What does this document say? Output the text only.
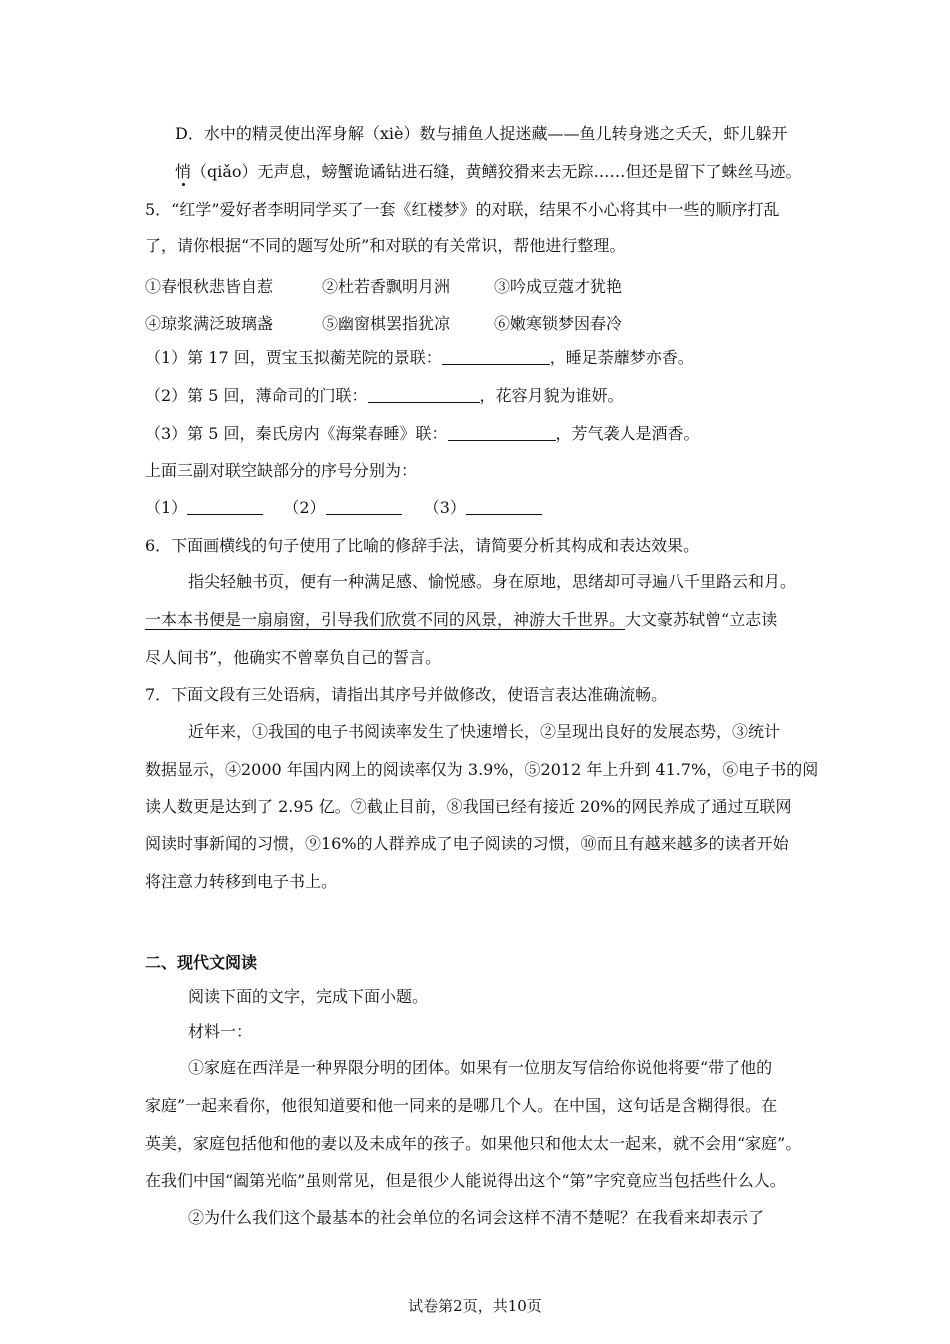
D．水中的精灵使出浑身解（xiè）数与捕鱼人捉迷藏——鱼儿转身逃之夭夭，虾儿躲开
悄（qiǎo）无声息，螃蟹诡谲钻进石缝，黄鳝狡猾来去无踪……但还是留下了蛛丝马迹。
5．“红学”爱好者李明同学买了一套《红楼梦》的对联，结果不小心将其中一些的顺序打乱
了，请你根据“不同的题写处所”和对联的有关常识，帮他进行整理。
①春恨秋悲皆自惹	②杜若香飘明月洲	③吟成豆蔻才犹艳
④琼浆满泛玻璃盏	⑤幽窗棋罢指犹凉	⑥嫩寒锁梦因春冷
（1）第 17 回，贾宝玉拟蘅芜院的景联：	，睡足荼蘼梦亦香。
（2）第 5 回，薄命司的门联：	，花容月貌为谁妍。
（3）第 5 回，秦氏房内《海棠春睡》联：	，芳气袭人是酒香。
上面三副对联空缺部分的序号分别为：
（1）	（2）	（3）
6．下面画横线的句子使用了比喻的修辞手法，请简要分析其构成和表达效果。
指尖轻触书页，便有一种满足感、愉悦感。身在原地，思绪却可寻遍八千里路云和月。
一本本书便是一扇扇窗，引导我们欣赏不同的风景，神游大千世界。大文豪苏轼曾“立志读
尽人间书”，他确实不曾辜负自己的誓言。
7．下面文段有三处语病，请指出其序号并做修改，使语言表达准确流畅。
近年来，①我国的电子书阅读率发生了快速增长，②呈现出良好的发展态势，③统计
数据显示，④2000 年国内网上的阅读率仅为 3.9%，⑤2012 年上升到 41.7%，⑥电子书的阅
读人数更是达到了 2.95 亿。⑦截止目前，⑧我国已经有接近 20%的网民养成了通过互联网
阅读时事新闻的习惯，⑨16%的人群养成了电子阅读的习惯，⑩而且有越来越多的读者开始
将注意力转移到电子书上。
二、现代文阅读
阅读下面的文字，完成下面小题。
材料一：
①家庭在西洋是一种界限分明的团体。如果有一位朋友写信给你说他将要“带了他的
家庭”一起来看你，他很知道要和他一同来的是哪几个人。在中国，这句话是含糊得很。在
英美，家庭包括他和他的妻以及未成年的孩子。如果他只和他太太一起来，就不会用“家庭”。
在我们中国“阖第光临”虽则常见，但是很少人能说得出这个“第”字究竟应当包括些什么人。
②为什么我们这个最基本的社会单位的名词会这样不清不楚呢？在我看来却表示了
试卷第2页，共10页
